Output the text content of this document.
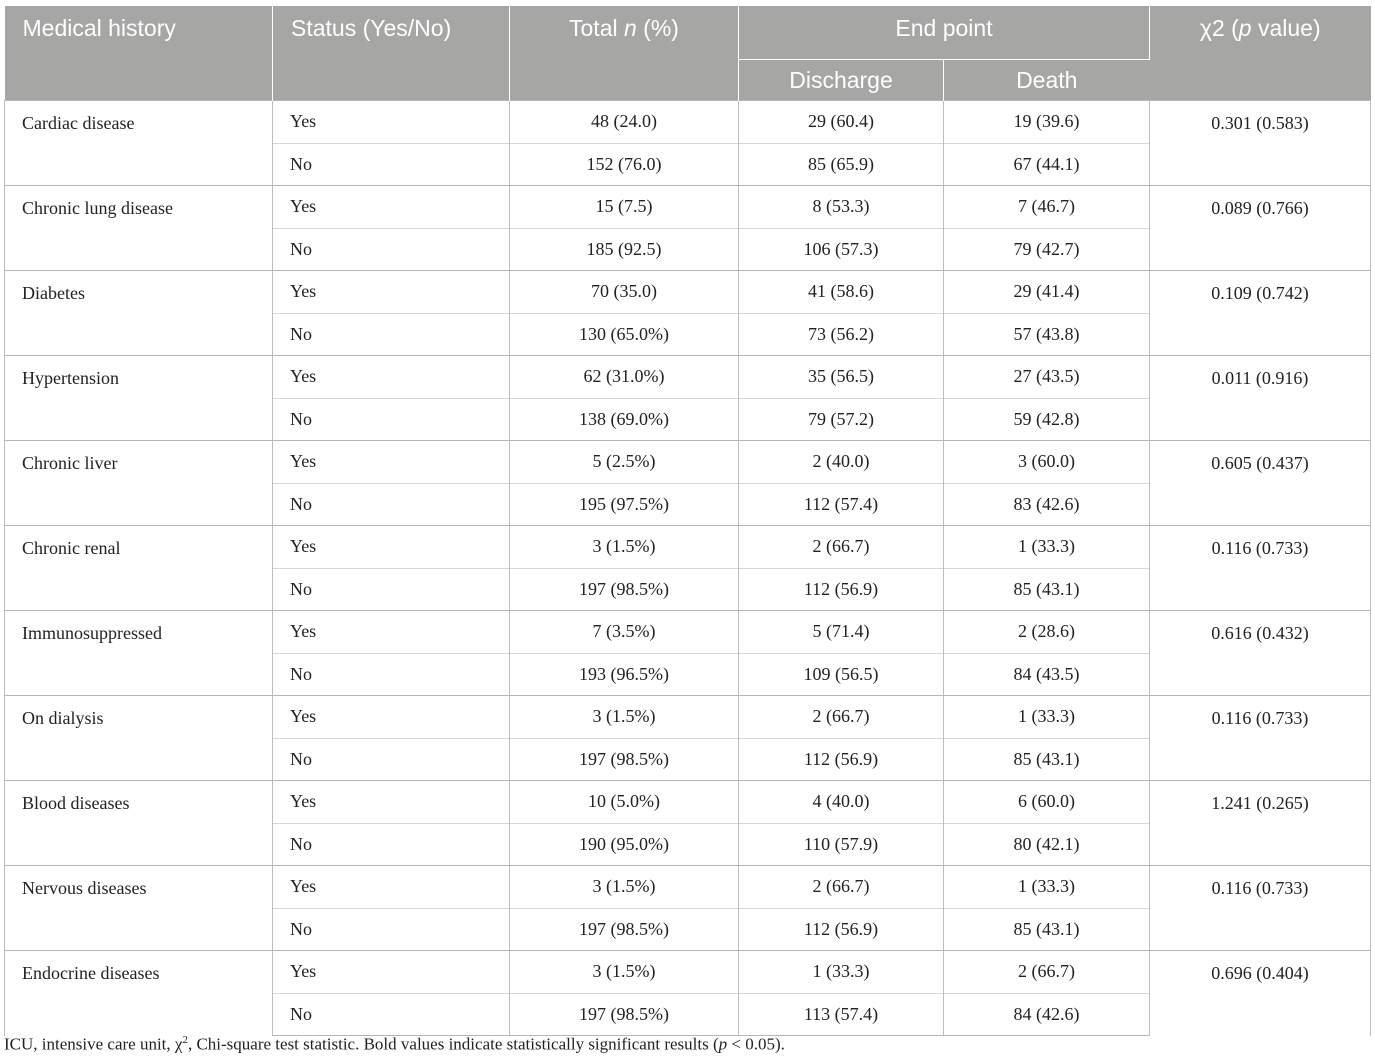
Medical history	Status (Yes/No)	Total n (%)	End point		χ2 (p value)
			Discharge	Death	
Cardiac disease	Yes	48 (24.0)	29 (60.4)	19 (39.6)	0.301 (0.583)
	No	152 (76.0)	85 (65.9)	67 (44.1)	
Chronic lung disease	Yes	15 (7.5)	8 (53.3)	7 (46.7)	0.089 (0.766)
	No	185 (92.5)	106 (57.3)	79 (42.7)	
Diabetes	Yes	70 (35.0)	41 (58.6)	29 (41.4)	0.109 (0.742)
	No	130 (65.0%)	73 (56.2)	57 (43.8)	
Hypertension	Yes	62 (31.0%)	35 (56.5)	27 (43.5)	0.011 (0.916)
	No	138 (69.0%)	79 (57.2)	59 (42.8)	
Chronic liver	Yes	5 (2.5%)	2 (40.0)	3 (60.0)	0.605 (0.437)
	No	195 (97.5%)	112 (57.4)	83 (42.6)	
Chronic renal	Yes	3 (1.5%)	2 (66.7)	1 (33.3)	0.116 (0.733)
	No	197 (98.5%)	112 (56.9)	85 (43.1)	
Immunosuppressed	Yes	7 (3.5%)	5 (71.4)	2 (28.6)	0.616 (0.432)
	No	193 (96.5%)	109 (56.5)	84 (43.5)	
On dialysis	Yes	3 (1.5%)	2 (66.7)	1 (33.3)	0.116 (0.733)
	No	197 (98.5%)	112 (56.9)	85 (43.1)	
Blood diseases	Yes	10 (5.0%)	4 (40.0)	6 (60.0)	1.241 (0.265)
	No	190 (95.0%)	110 (57.9)	80 (42.1)	
Nervous diseases	Yes	3 (1.5%)	2 (66.7)	1 (33.3)	0.116 (0.733)
	No	197 (98.5%)	112 (56.9)	85 (43.1)	
Endocrine diseases	Yes	3 (1.5%)	1 (33.3)	2 (66.7)	0.696 (0.404)
	No	197 (98.5%)	113 (57.4)	84 (42.6)	
ICU, intensive care unit, $\chi^2$, Chi-square test statistic. Bold values indicate statistically significant results (p < 0.05).
